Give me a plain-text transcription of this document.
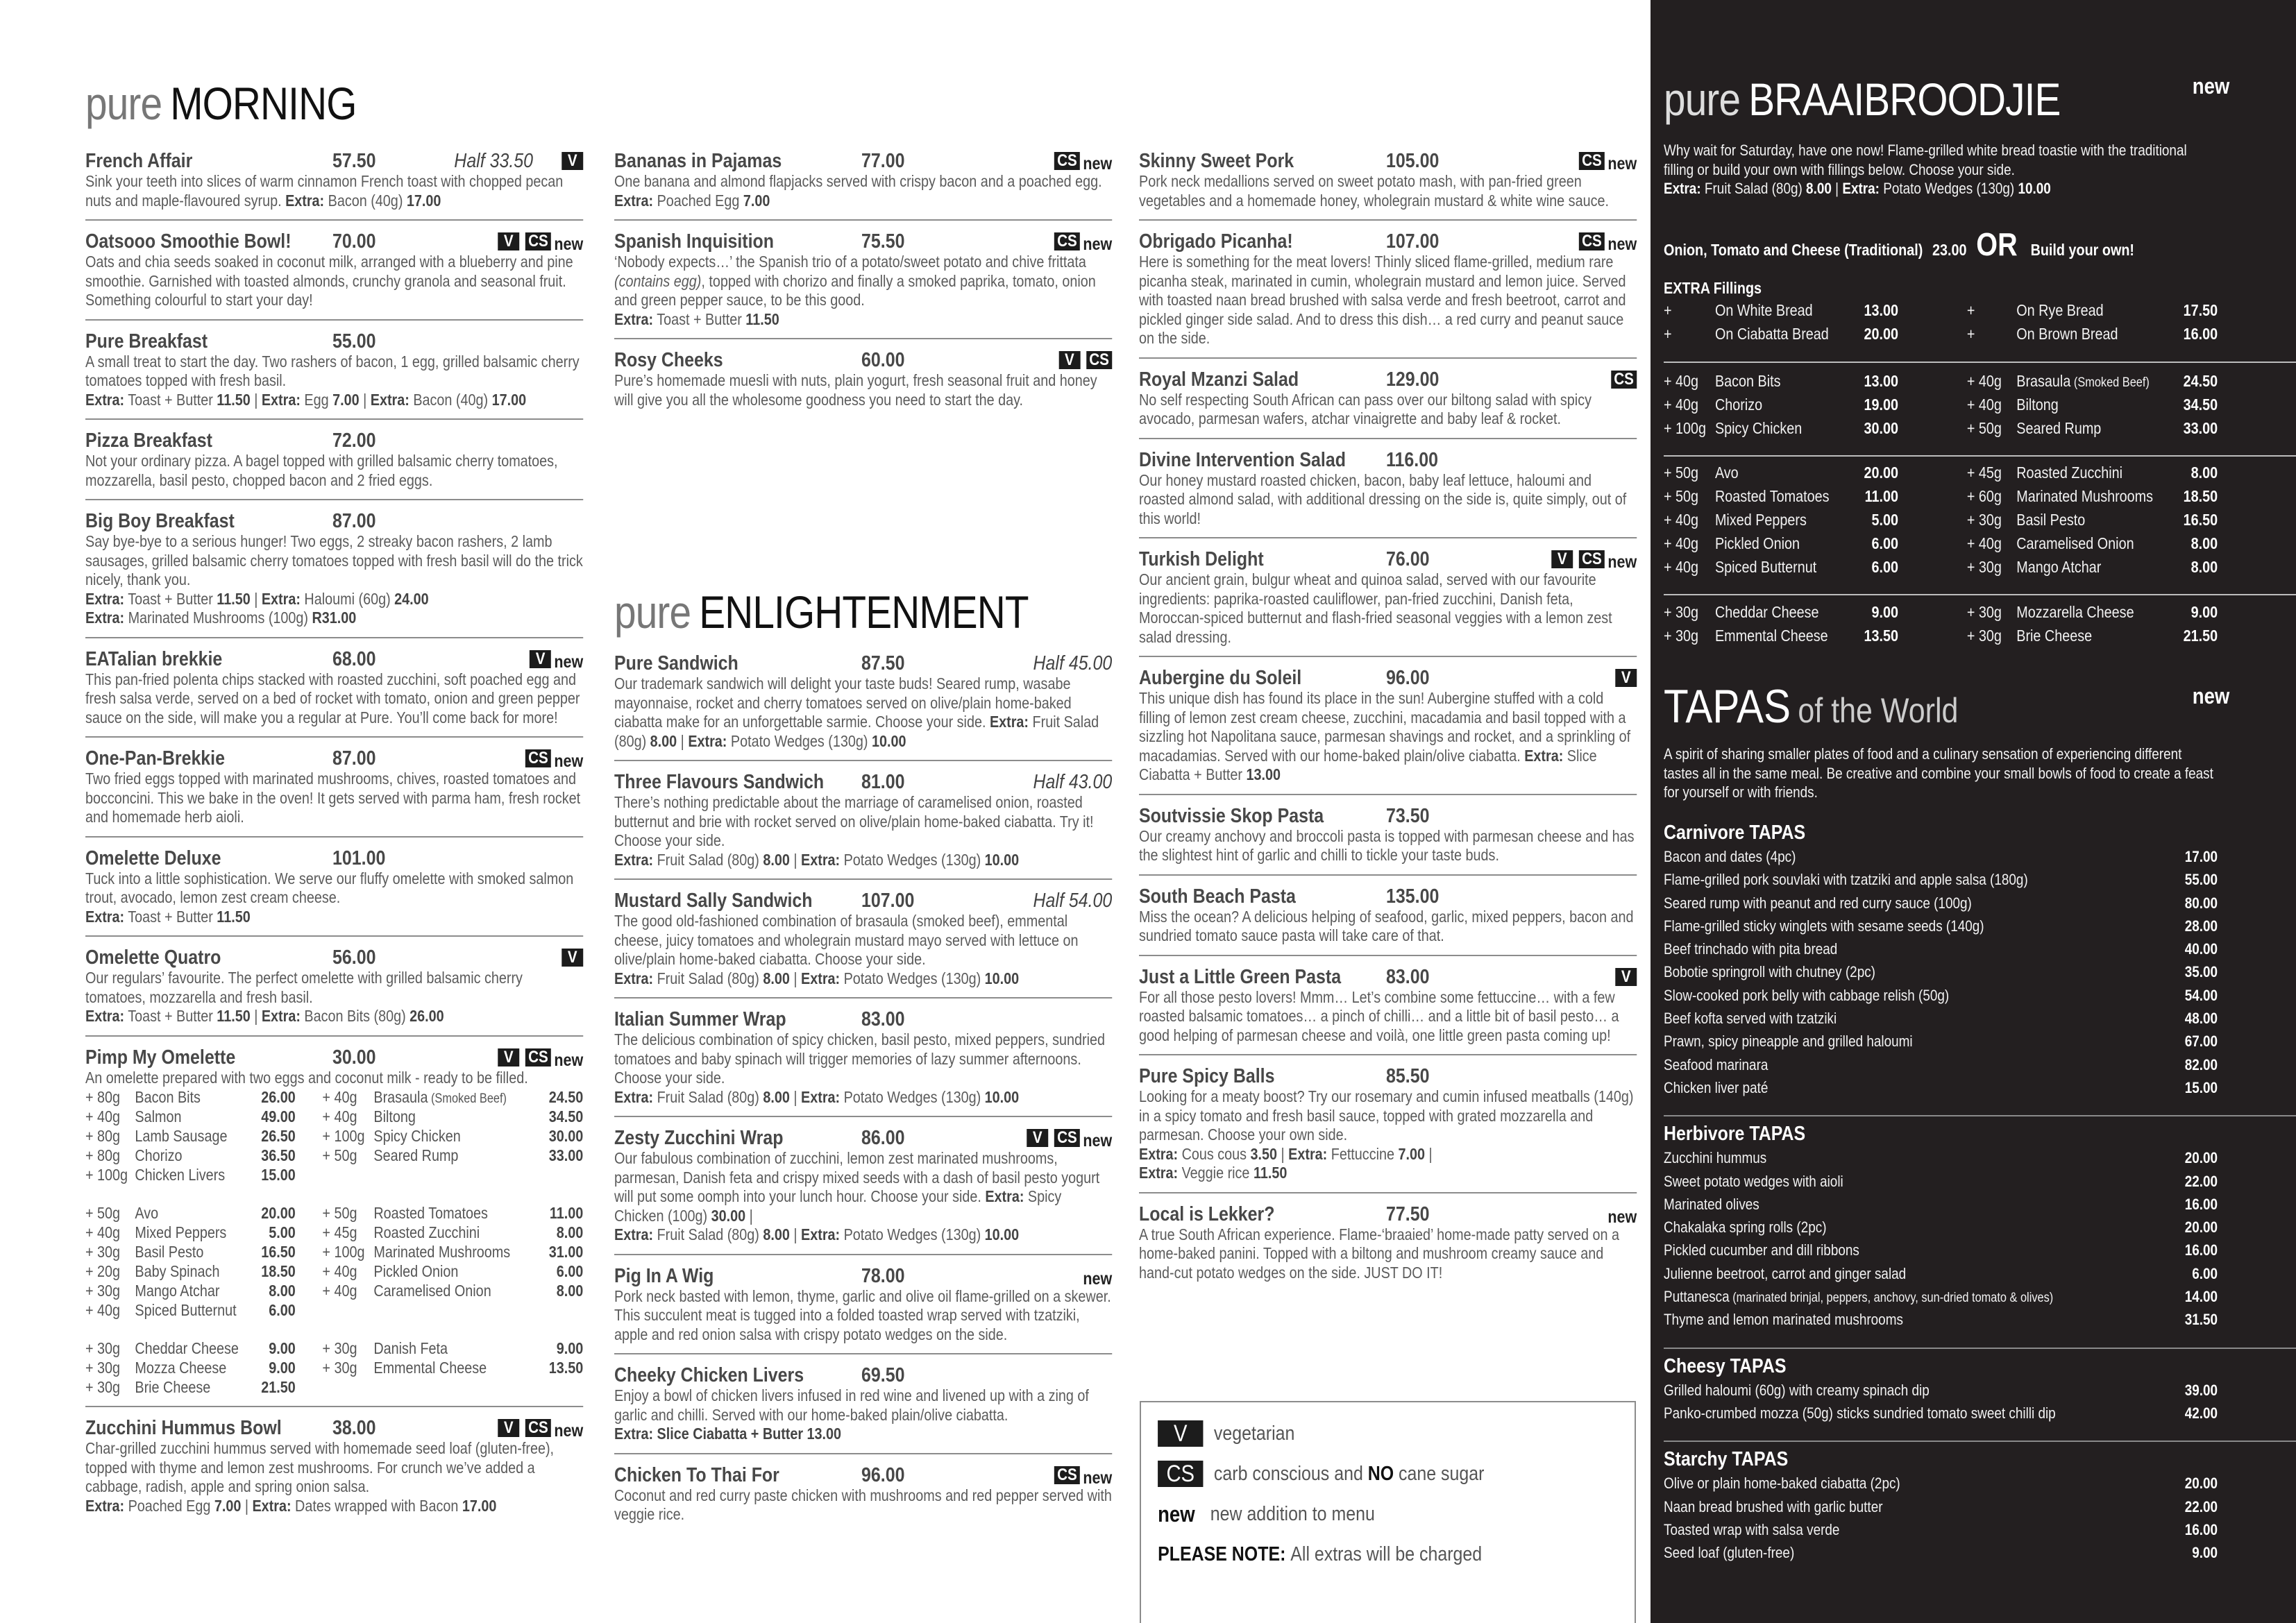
pure MORNING
French Affair	57.50	Half 33.50	V
Sink your teeth into slices of warm cinnamon French toast with chopped pecan nuts and maple-flavoured syrup. Extra: Bacon (40g) 17.00
Oatsooo Smoothie Bowl! 70.00	V CS new
Oats and chia seeds soaked in coconut milk, arranged with a blueberry and pine smoothie. Garnished with toasted almonds, crunchy granola and seasonal fruit. Something colourful to start your day!
Pure Breakfast	55.00
A small treat to start the day. Two rashers of bacon, 1 egg, grilled balsamic cherry tomatoes topped with fresh basil.
Extra: Toast + Butter 11.50 | Extra: Egg 7.00 | Extra: Bacon (40g) 17.00
Pizza Breakfast	72.00
Not your ordinary pizza. A bagel topped with grilled balsamic cherry tomatoes, mozzarella, basil pesto, chopped bacon and 2 fried eggs.
Big Boy Breakfast	87.00
Say bye-bye to a serious hunger! Two eggs, 2 streaky bacon rashers, 2 lamb sausages, grilled balsamic cherry tomatoes topped with fresh basil will do the trick nicely, thank you.
Extra: Toast + Butter 11.50 | Extra: Haloumi (60g) 24.00
Extra: Marinated Mushrooms (100g) R31.00
EATalian brekkie	68.00	V new
This pan-fried polenta chips stacked with roasted zucchini, soft poached egg and fresh salsa verde, served on a bed of rocket with tomato, onion and green pepper sauce on the side, will make you a regular at Pure. You’ll come back for more!
One-Pan-Brekkie	87.00	CS new
Two fried eggs topped with marinated mushrooms, chives, roasted tomatoes and bocconcini. This we bake in the oven! It gets served with parma ham, fresh rocket and homemade herb aioli.
Omelette Deluxe	101.00
Tuck into a little sophistication. We serve our fluffy omelette with smoked salmon trout, avocado, lemon zest cream cheese.
Extra: Toast + Butter 11.50
Omelette Quatro	56.00	V
Our regulars’ favourite. The perfect omelette with grilled balsamic cherry tomatoes, mozzarella and fresh basil.
Extra: Toast + Butter 11.50 | Extra: Bacon Bits (80g) 26.00
Pimp My Omelette	30.00	V CS new
An omelette prepared with two eggs and coconut milk - ready to be filled.
+ 80g Bacon Bits	26.00 + 40g	Brasaula (Smoked Beef)	24.50
+ 40g Salmon	49.00 + 40g	Biltong	34.50
+ 80g Lamb Sausage 26.50 + 100g Spicy Chicken	30.00
+ 80g Chorizo	36.50 + 50g	Seared Rump	33.00
+ 100g Chicken Livers 15.00
+ 50g Avo	20.00 + 50g	Roasted Tomatoes	11.00
+ 40g Mixed Peppers	5.00 + 45g	Roasted Zucchini	8.00
+ 30g Basil Pesto	16.50 + 100g Marinated Mushrooms 31.00
+ 20g Baby Spinach	18.50 + 40g	Pickled Onion	6.00
+ 30g Mango Atchar	8.00 + 40g	Caramelised Onion	8.00
+ 40g Spiced Butternut 6.00
+ 30g Cheddar Cheese 9.00 + 30g	Danish Feta	9.00
+ 30g Mozza Cheese	9.00 + 30g	Emmental Cheese	13.50
+ 30g Brie Cheese	21.50
Zucchini Hummus Bowl	38.00	V CS new
Char-grilled zucchini hummus served with homemade seed loaf (gluten-free), topped with thyme and lemon zest mushrooms. For crunch we’ve added a cabbage, radish, apple and spring onion salsa.
Extra: Poached Egg 7.00 | Extra: Dates wrapped with Bacon 17.00
Bananas in Pajamas	77.00	CS new
One banana and almond flapjacks served with crispy bacon and a poached egg. Extra: Poached Egg 7.00
Spanish Inquisition	75.50	CS new
‘Nobody expects…’ the Spanish trio of a potato/sweet potato and chive frittata (contains egg), topped with chorizo and finally a smoked paprika, tomato, onion and green pepper sauce, to be this good.
Extra: Toast + Butter 11.50
Rosy Cheeks	60.00	V CS
Pure’s homemade muesli with nuts, plain yogurt, fresh seasonal fruit and honey will give you all the wholesome goodness you need to start the day.
pure ENLIGHTENMENT
Pure Sandwich	87.50	Half 45.00
Our trademark sandwich will delight your taste buds! Seared rump, wasabe mayonnaise, rocket and cherry tomatoes served on olive/plain home-baked ciabatta make for an unforgettable sarmie. Choose your side. Extra: Fruit Salad (80g) 8.00 | Extra: Potato Wedges (130g) 10.00
Three Flavours Sandwich 81.00	Half 43.00
There’s nothing predictable about the marriage of caramelised onion, roasted butternut and brie with rocket served on olive/plain home-baked ciabatta. Try it! Choose your side.
Extra: Fruit Salad (80g) 8.00 | Extra: Potato Wedges (130g) 10.00
Mustard Sally Sandwich 107.00	Half 54.00
The good old-fashioned combination of brasaula (smoked beef), emmental cheese, juicy tomatoes and wholegrain mustard mayo served with lettuce on olive/plain home-baked ciabatta. Choose your side.
Extra: Fruit Salad (80g) 8.00 | Extra: Potato Wedges (130g) 10.00
Italian Summer Wrap	83.00
The delicious combination of spicy chicken, basil pesto, mixed peppers, sundried tomatoes and baby spinach will trigger memories of lazy summer afternoons. Choose your side.
Extra: Fruit Salad (80g) 8.00 | Extra: Potato Wedges (130g) 10.00
Zesty Zucchini Wrap	86.00	V CS new
Our fabulous combination of zucchini, lemon zest marinated mushrooms, parmesan, Danish feta and crispy mixed seeds with a dash of basil pesto yogurt will put some oomph into your lunch hour. Choose your side. Extra: Spicy Chicken (100g) 30.00 |
Extra: Fruit Salad (80g) 8.00 | Extra: Potato Wedges (130g) 10.00
Pig In A Wig	78.00	new
Pork neck basted with lemon, thyme, garlic and olive oil flame-grilled on a skewer. This succulent meat is tugged into a folded toasted wrap served with tzatziki, apple and red onion salsa with crispy potato wedges on the side.
Cheeky Chicken Livers	69.50
Enjoy a bowl of chicken livers infused in red wine and livened up with a zing of garlic and chilli. Served with our home-baked plain/olive ciabatta.
Extra: Slice Ciabatta + Butter 13.00
Chicken To Thai For	96.00	CS new
Coconut and red curry paste chicken with mushrooms and red pepper served with veggie rice.
Skinny Sweet Pork	105.00	CS new
Pork neck medallions served on sweet potato mash, with pan-fried green vegetables and a homemade honey, wholegrain mustard & white wine sauce.
Obrigado Picanha!	107.00	CS new
Here is something for the meat lovers! Thinly sliced flame-grilled, medium rare picanha steak, marinated in cumin, wholegrain mustard and lemon juice. Served with toasted naan bread brushed with salsa verde and fresh beetroot, carrot and pickled ginger side salad. And to dress this dish… a red curry and peanut sauce on the side.
Royal Mzanzi Salad	129.00	CS
No self respecting South African can pass over our biltong salad with spicy avocado, parmesan wafers, atchar vinaigrette and baby leaf & rocket.
Divine Intervention Salad 116.00
Our honey mustard roasted chicken, bacon, baby leaf lettuce, haloumi and roasted almond salad, with additional dressing on the side is, quite simply, out of this world!
Turkish Delight	76.00	V CS new
Our ancient grain, bulgur wheat and quinoa salad, served with our favourite ingredients: paprika-roasted cauliflower, pan-fried zucchini, Danish feta, Moroccan-spiced butternut and flash-fried seasonal veggies with a lemon zest salad dressing.
Aubergine du Soleil	96.00	V
This unique dish has found its place in the sun! Aubergine stuffed with a cold filling of lemon zest cream cheese, zucchini, macadamia and basil topped with a sizzling hot Napolitana sauce, parmesan shavings and rocket, and a sprinkling of macadamias. Served with our home-baked plain/olive ciabatta. Extra: Slice Ciabatta + Butter 13.00
Soutvissie Skop Pasta	73.50
Our creamy anchovy and broccoli pasta is topped with parmesan cheese and has the slightest hint of garlic and chilli to tickle your taste buds.
South Beach Pasta	135.00
Miss the ocean? A delicious helping of seafood, garlic, mixed peppers, bacon and sundried tomato sauce pasta will take care of that.
Just a Little Green Pasta 83.00	V
For all those pesto lovers! Mmm… Let’s combine some fettuccine… with a few roasted balsamic tomatoes… a pinch of chilli… and a little bit of basil pesto… a good helping of parmesan cheese and voilà, one little green pasta coming up!
Pure Spicy Balls	85.50
Looking for a meaty boost? Try our rosemary and cumin infused meatballs (140g) in a spicy tomato and fresh basil sauce, topped with grated mozzarella and parmesan. Choose your own side.
Extra: Cous cous 3.50 | Extra: Fettuccine 7.00 |
Extra: Veggie rice 11.50
Local is Lekker?	77.50	new
A true South African experience. Flame-‘braaied’ home-made patty served on a home-baked panini. Topped with a biltong and mushroom creamy sauce and hand-cut potato wedges on the side. JUST DO IT!
V	vegetarian
CS carb conscious and NO cane sugar
new new addition to menu
PLEASE NOTE: All extras will be charged
pure BRAAIBROODJIE	new
Why wait for Saturday, have one now! Flame-grilled white bread toastie with the traditional filling or build your own with fillings below. Choose your side.
Extra: Fruit Salad (80g) 8.00 | Extra: Potato Wedges (130g) 10.00
Onion, Tomato and Cheese (Traditional) 23.00 OR Build your own!
EXTRA Fillings
+	On White Bread	13.00	+	On Rye Bread	17.50
+	On Ciabatta Bread 20.00	+	On Brown Bread	16.00
+ 40g	Bacon Bits	13.00	+ 40g Brasaula (Smoked Beef) 24.50
+ 40g	Chorizo	19.00	+ 40g Biltong	34.50
+ 100g Spicy Chicken	30.00	+ 50g Seared Rump	33.00
+ 50g	Avo	20.00	+ 45g Roasted Zucchini	8.00
+ 50g	Roasted Tomatoes 11.00	+ 60g Marinated Mushrooms 18.50
+ 40g	Mixed Peppers	5.00	+ 30g Basil Pesto	16.50
+ 40g	Pickled Onion	6.00	+ 40g Caramelised Onion	8.00
+ 40g	Spiced Butternut	6.00	+ 30g Mango Atchar	8.00
+ 30g	Cheddar Cheese	9.00	+ 30g Mozzarella Cheese	9.00
+ 30g	Emmental Cheese 13.50	+ 30g Brie Cheese	21.50
TAPAS of the World	new
A spirit of sharing smaller plates of food and a culinary sensation of experiencing different tastes all in the same meal. Be creative and combine your small bowls of food to create a feast for yourself or with friends.
Carnivore TAPAS
Bacon and dates (4pc)	17.00
Flame-grilled pork souvlaki with tzatziki and apple salsa (180g)	55.00
Seared rump with peanut and red curry sauce (100g)	80.00
Flame-grilled sticky winglets with sesame seeds (140g)	28.00
Beef trinchado with pita bread	40.00
Bobotie springroll with chutney (2pc)	35.00
Slow-cooked pork belly with cabbage relish (50g)	54.00
Beef kofta served with tzatziki	48.00
Prawn, spicy pineapple and grilled haloumi	67.00
Seafood marinara	82.00
Chicken liver paté	15.00
Herbivore TAPAS
Zucchini hummus	20.00
Sweet potato wedges with aioli	22.00
Marinated olives	16.00
Chakalaka spring rolls (2pc)	20.00
Pickled cucumber and dill ribbons	16.00
Julienne beetroot, carrot and ginger salad	6.00
Puttanesca (marinated brinjal, peppers, anchovy, sun-dried tomato & olives)	14.00
Thyme and lemon marinated mushrooms	31.50
Cheesy TAPAS
Grilled haloumi (60g) with creamy spinach dip	39.00
Panko-crumbed mozza (50g) sticks sundried tomato sweet chilli dip	42.00
Starchy TAPAS
Olive or plain home-baked ciabatta (2pc)	20.00
Naan bread brushed with garlic butter	22.00
Toasted wrap with salsa verde	16.00
Seed loaf (gluten-free)	9.00
